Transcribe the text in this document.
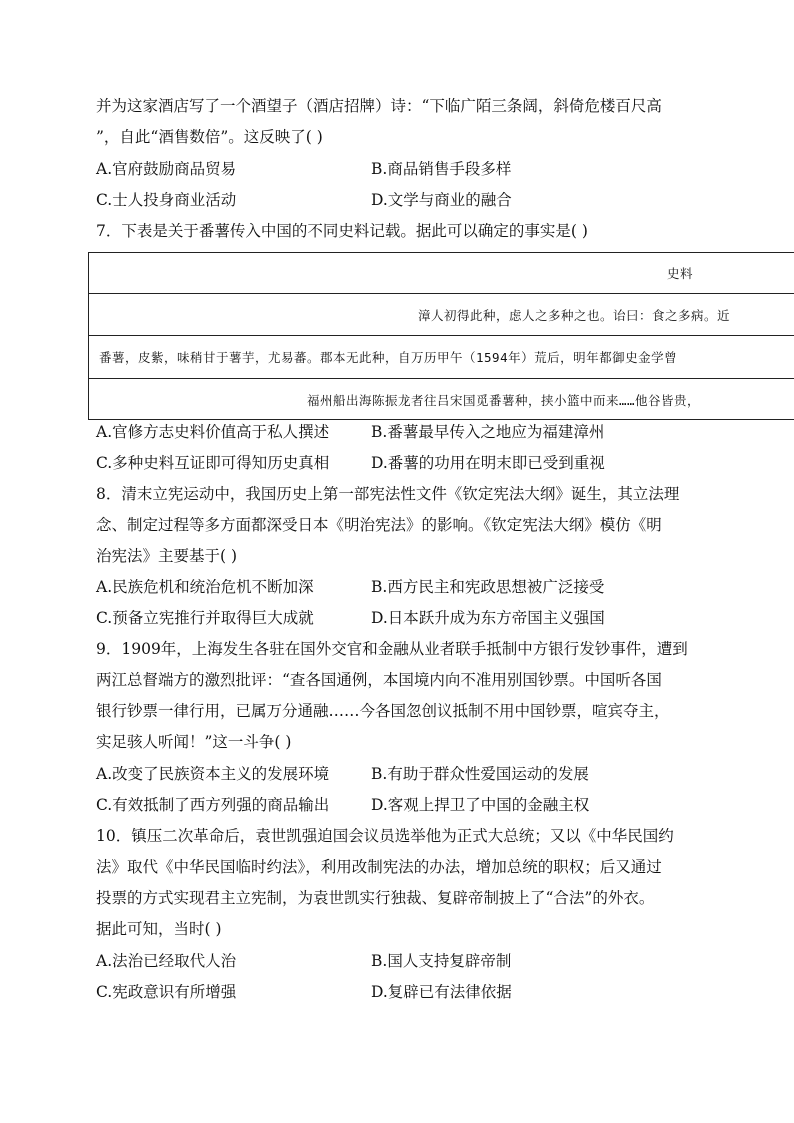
并为这家酒店写了一个酒望子（酒店招牌）诗：“下临广陌三条阔，斜倚危楼百尺高
”，自此“酒售数倍”。这反映了( )
A.官府鼓励商品贸易	B.商品销售手段多样
C.士人投身商业活动	D.文学与商业的融合
7．下表是关于番薯传入中国的不同史料记载。据此可以确定的事实是( )
史料
漳人初得此种，虑人之多种之也。诒曰：食之多病。近
番薯，皮紫，味稍甘于薯芋，尤易蕃。郡本无此种，自万历甲午（1594年）荒后，明年都御史金学曾
福州船出海陈振龙者往吕宋国觅番薯种，挟小篮中而来……他谷皆贵，
A.官修方志史料价值高于私人撰述	B.番薯最早传入之地应为福建漳州
C.多种史料互证即可得知历史真相	D.番薯的功用在明末即已受到重视
8．清末立宪运动中，我国历史上第一部宪法性文件《钦定宪法大纲》诞生，其立法理
念、制定过程等多方面都深受日本《明治宪法》的影响。《钦定宪法大纲》模仿《明
治宪法》主要基于( )
A.民族危机和统治危机不断加深	B.西方民主和宪政思想被广泛接受
C.预备立宪推行并取得巨大成就	D.日本跃升成为东方帝国主义强国
9．1909年，上海发生各驻在国外交官和金融从业者联手抵制中方银行发钞事件，遭到
两江总督端方的激烈批评：“查各国通例，本国境内向不准用别国钞票。中国听各国
银行钞票一律行用，已属万分通融……今各国忽创议抵制不用中国钞票，喧宾夺主，
实足骇人听闻！”这一斗争( )
A.改变了民族资本主义的发展环境	B.有助于群众性爱国运动的发展
C.有效抵制了西方列强的商品输出	D.客观上捍卫了中国的金融主权
10．镇压二次革命后，袁世凯强迫国会议员选举他为正式大总统；又以《中华民国约
法》取代《中华民国临时约法》，利用改制宪法的办法，增加总统的职权；后又通过
投票的方式实现君主立宪制，为袁世凯实行独裁、复辟帝制披上了“合法”的外衣。
据此可知，当时( )
A.法治已经取代人治	B.国人支持复辟帝制
C.宪政意识有所增强	D.复辟已有法律依据
